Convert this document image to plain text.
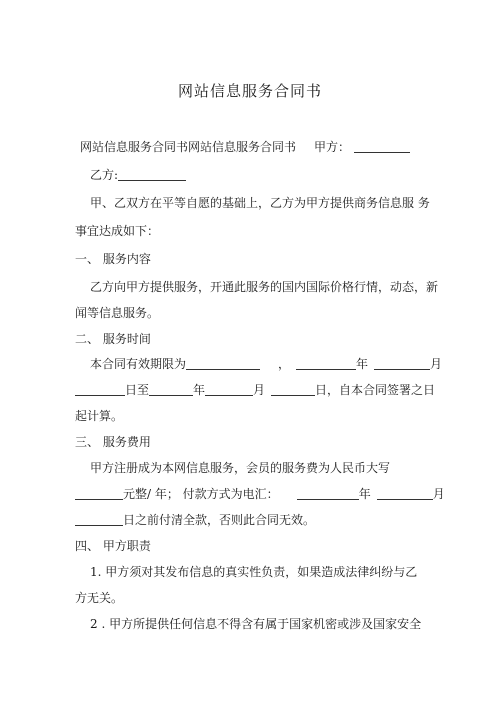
网站信息服务合同书
网站信息服务合同书网站信息服务合同书 甲方：
乙方:
甲、乙双方在平等自愿的基础上，乙方为甲方提供商务信息服 务
事宜达成如下：
一、 服务内容
乙方向甲方提供服务，开通此服务的国内国际价格行情，动态，新
闻等信息服务。
二、 服务时间
本合同有效期限为	，	年	月
日至	年	月	日，自本合同签署之日
起计算。
三、 服务费用
甲方注册成为本网信息服务，会员的服务费为人民币大写
元整/ 年； 付款方式为电汇：	年	月
日之前付清全款，否则此合同无效。
四、 甲方职责
1. 甲方须对其发布信息的真实性负责，如果造成法律纠纷与乙
方无关。
2 . 甲方所提供任何信息不得含有属于国家机密或涉及国家安全
